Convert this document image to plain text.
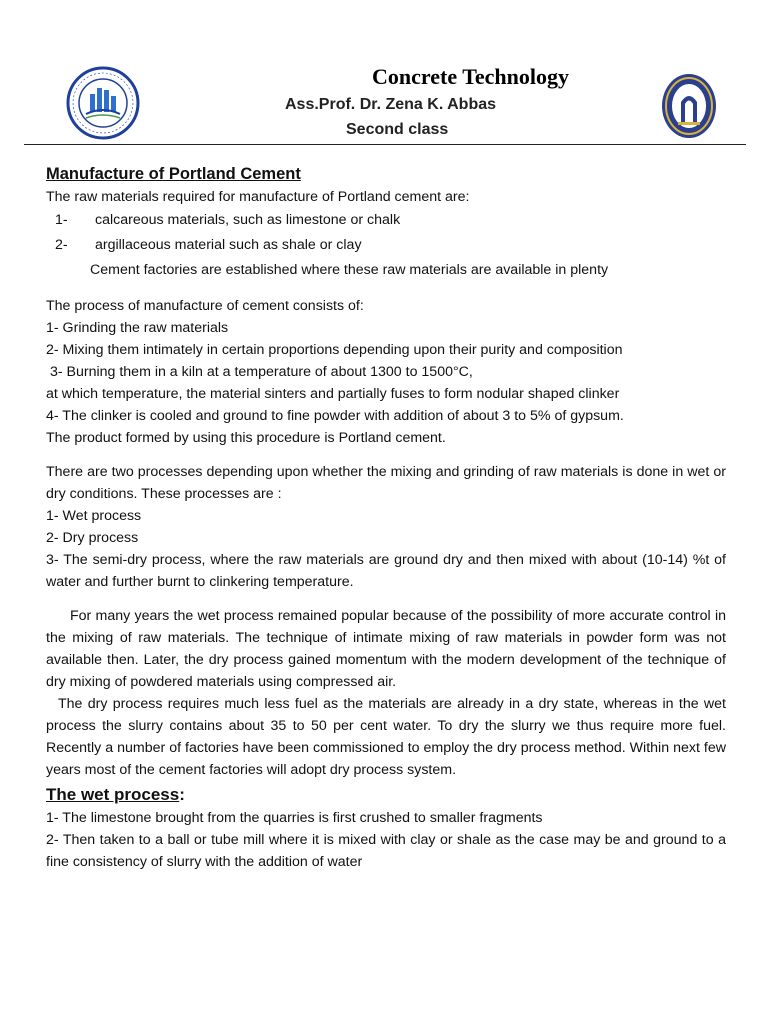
Concrete Technology
Ass.Prof. Dr. Zena K. Abbas
Second class

Manufacture of Portland Cement

The raw materials required for manufacture of Portland cement are:

1-	calcareous materials, such as limestone or chalk
2-	argillaceous material such as shale or clay

Cement factories are established where these raw materials are available in plenty

The process of manufacture of cement consists of:

1- Grinding the raw materials

2- Mixing them intimately in certain proportions depending upon their purity and composition

3- Burning them in a kiln at a temperature of about 1300 to 1500°C,

at which temperature, the material sinters and partially fuses to form nodular shaped clinker

4- The clinker is cooled and ground to fine powder with addition of about 3 to 5% of gypsum.

The product formed by using this procedure is Portland cement.

There are two processes depending upon whether the mixing and grinding of raw materials is done in wet or dry conditions. These processes are :

1- Wet process

2- Dry process

3- The semi-dry process, where the raw materials are ground dry and then mixed with about (10-14) %t of water and further burnt to clinkering temperature.

For many years the wet process remained popular because of the possibility of more accurate control in the mixing of raw materials. The technique of intimate mixing of raw materials in powder form was not available then. Later, the dry process gained momentum with the modern development of the technique of dry mixing of powdered materials using compressed air.

The dry process requires much less fuel as the materials are already in a dry state, whereas in the wet process the slurry contains about 35 to 50 per cent water. To dry the slurry we thus require more fuel. Recently a number of factories have been commissioned to employ the dry process method. Within next few years most of the cement factories will adopt dry process system.

The wet process:

1- The limestone brought from the quarries is first crushed to smaller fragments

2- Then taken to a ball or tube mill where it is mixed with clay or shale as the case may be and ground to a fine consistency of slurry with the addition of water
